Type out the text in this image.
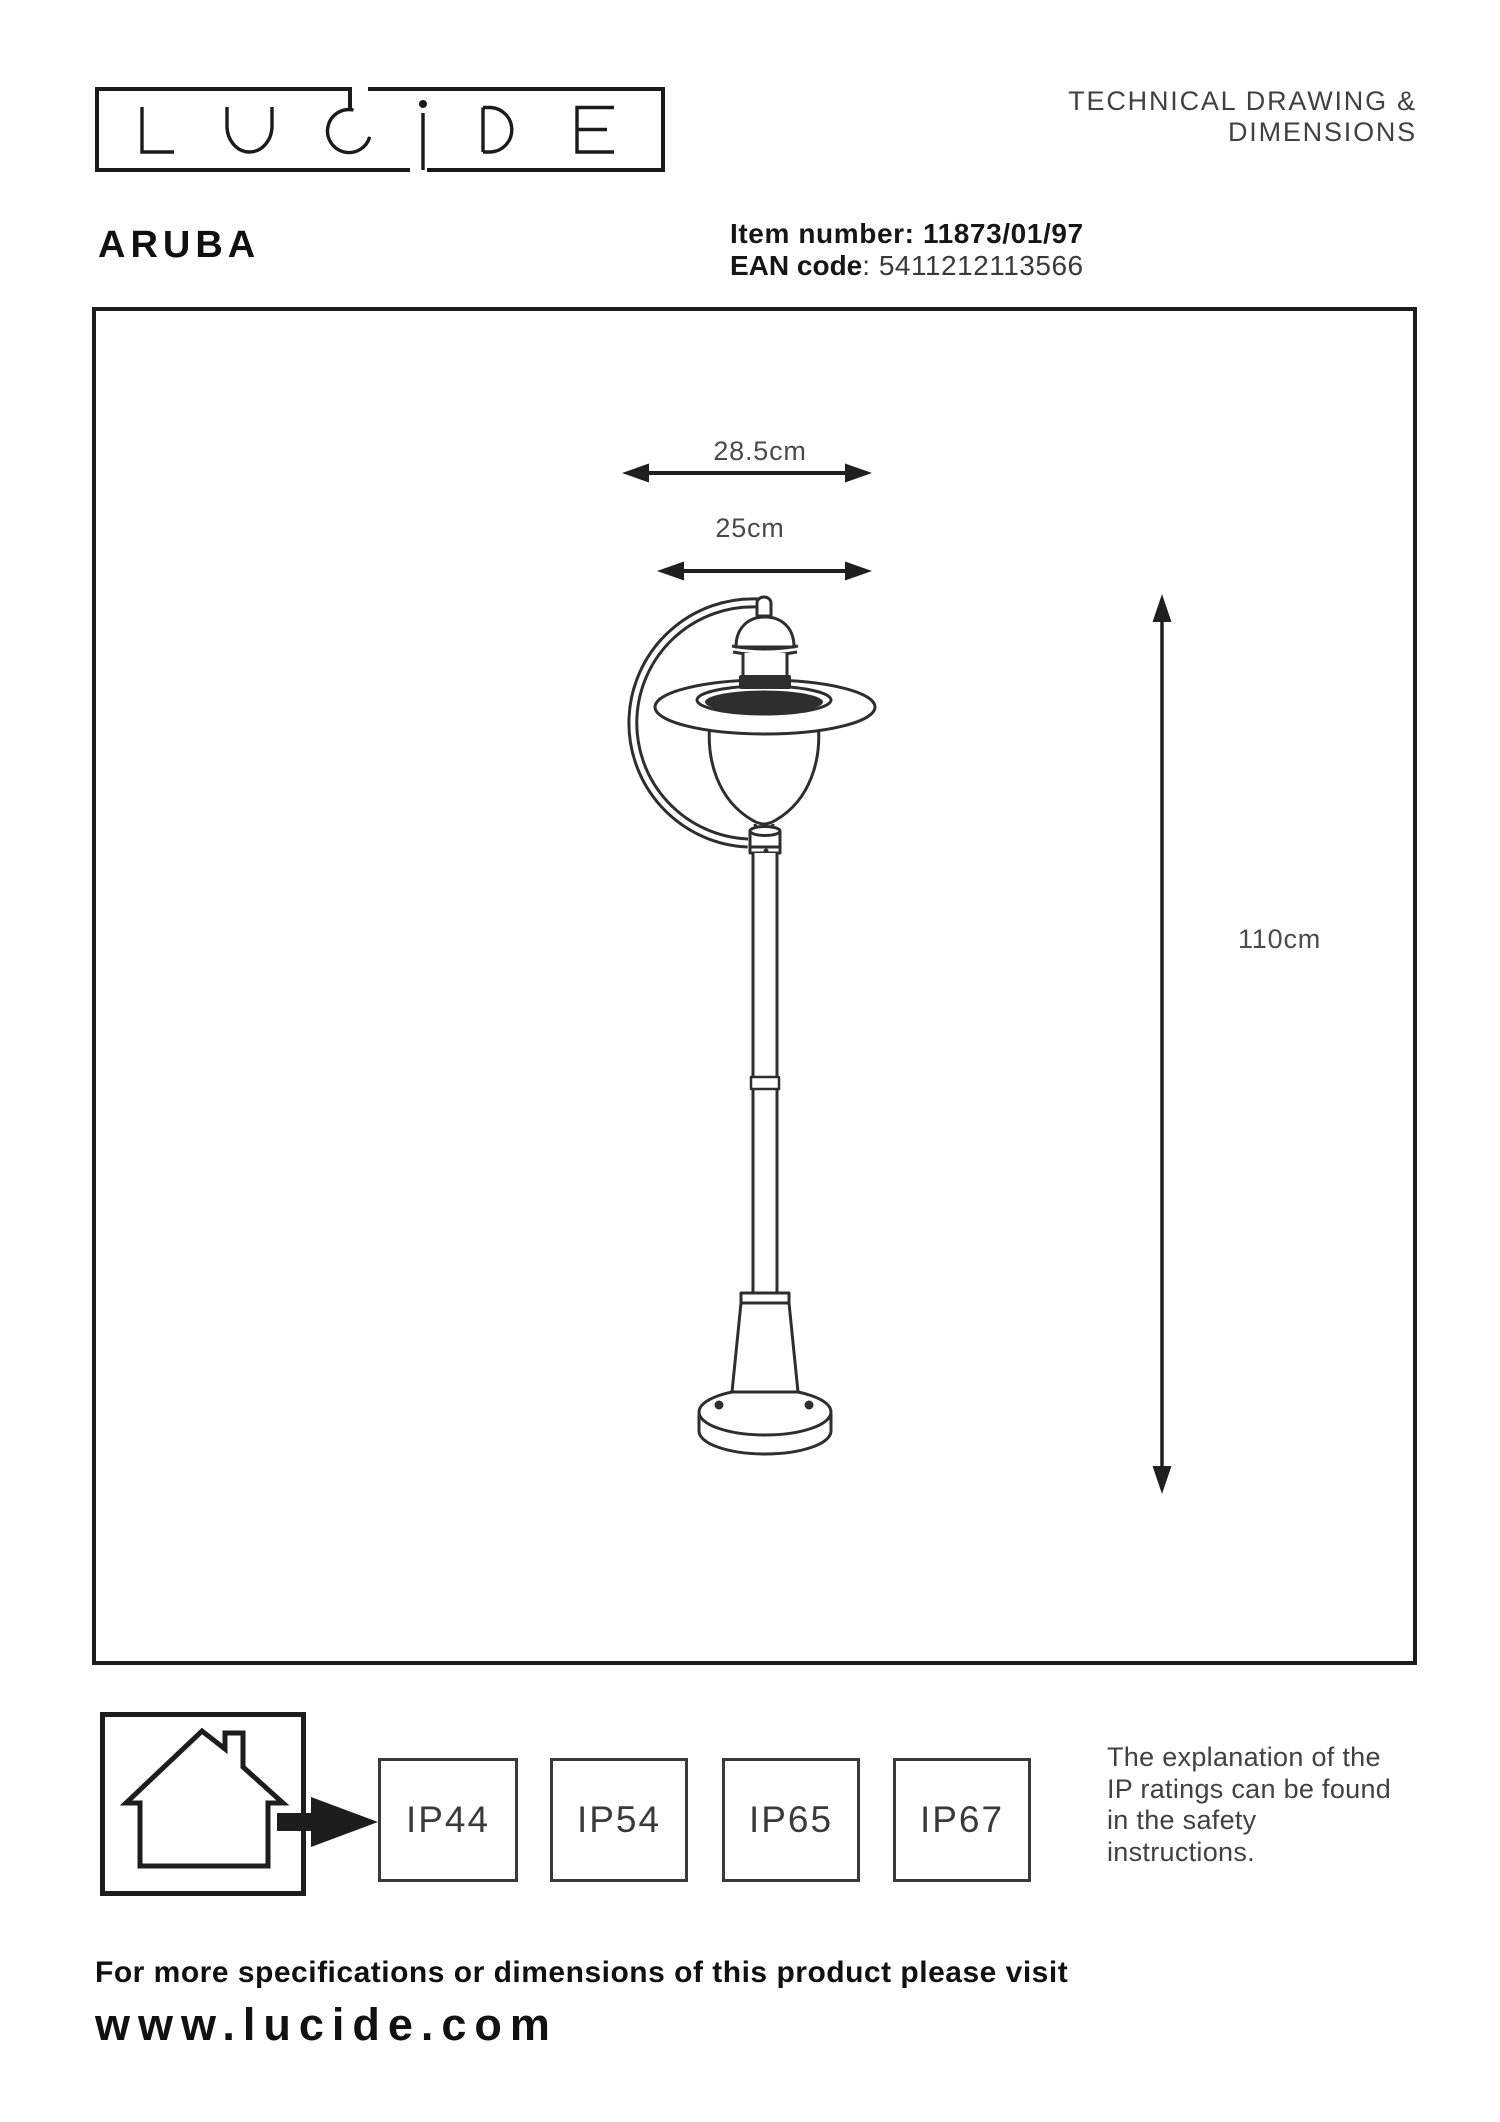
IP44 IP54 IP65 IP67
TECHNICAL DRAWING & DIMENSIONS
ARUBA	Item number: 11873/01/97
EAN code: 5411212113566
28.5cm
25cm
110cm
The explanation of the
IP ratings can be found
in the safety
instructions.
For more specifications or dimensions of this product please visit
www.lucide.com
